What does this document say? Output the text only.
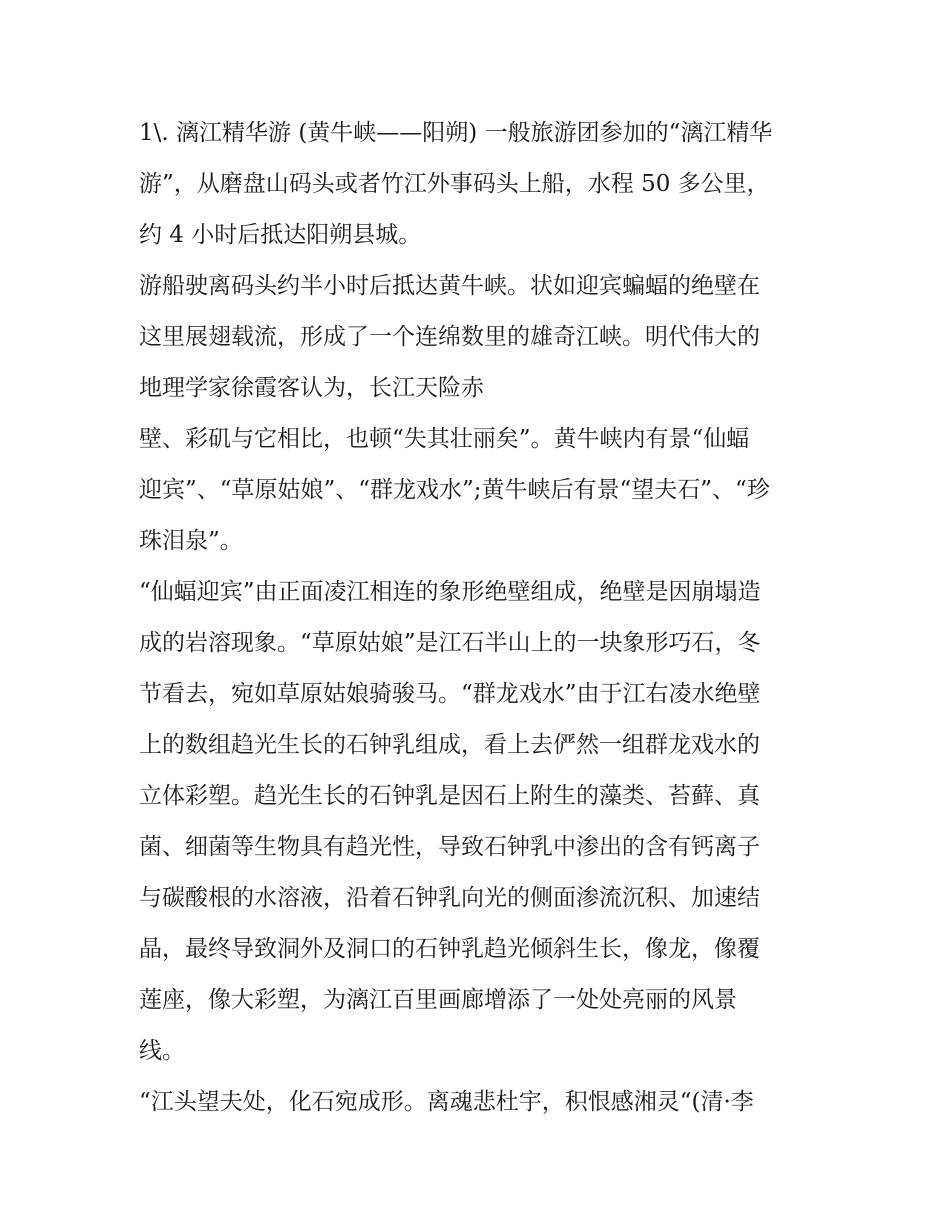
1\. 漓江精华游 (黄牛峡——阳朔) 一般旅游团参加的“漓江精华
游”，从磨盘山码头或者竹江外事码头上船，水程 50 多公里，
约 4 小时后抵达阳朔县城。

游船驶离码头约半小时后抵达黄牛峡。状如迎宾蝙蝠的绝壁在
这里展翅载流，形成了一个连绵数里的雄奇江峡。明代伟大的
地理学家徐霞客认为，长江天险赤

壁、彩矶与它相比，也顿“失其壮丽矣”。黄牛峡内有景“仙蝠
迎宾”、“草原姑娘”、“群龙戏水”;黄牛峡后有景“望夫石”、“珍
珠泪泉”。

“仙蝠迎宾”由正面凌江相连的象形绝壁组成，绝壁是因崩塌造
成的岩溶现象。“草原姑娘”是江石半山上的一块象形巧石，冬
节看去，宛如草原姑娘骑骏马。“群龙戏水”由于江右凌水绝壁
上的数组趋光生长的石钟乳组成，看上去俨然一组群龙戏水的
立体彩塑。趋光生长的石钟乳是因石上附生的藻类、苔藓、真
菌、细菌等生物具有趋光性，导致石钟乳中渗出的含有钙离子
与碳酸根的水溶液，沿着石钟乳向光的侧面渗流沉积、加速结
晶，最终导致洞外及洞口的石钟乳趋光倾斜生长，像龙，像覆
莲座，像大彩塑，为漓江百里画廊增添了一处处亮丽的风景
线。

“江头望夫处，化石宛成形。离魂悲杜宇，积恨感湘灵“(清·李
